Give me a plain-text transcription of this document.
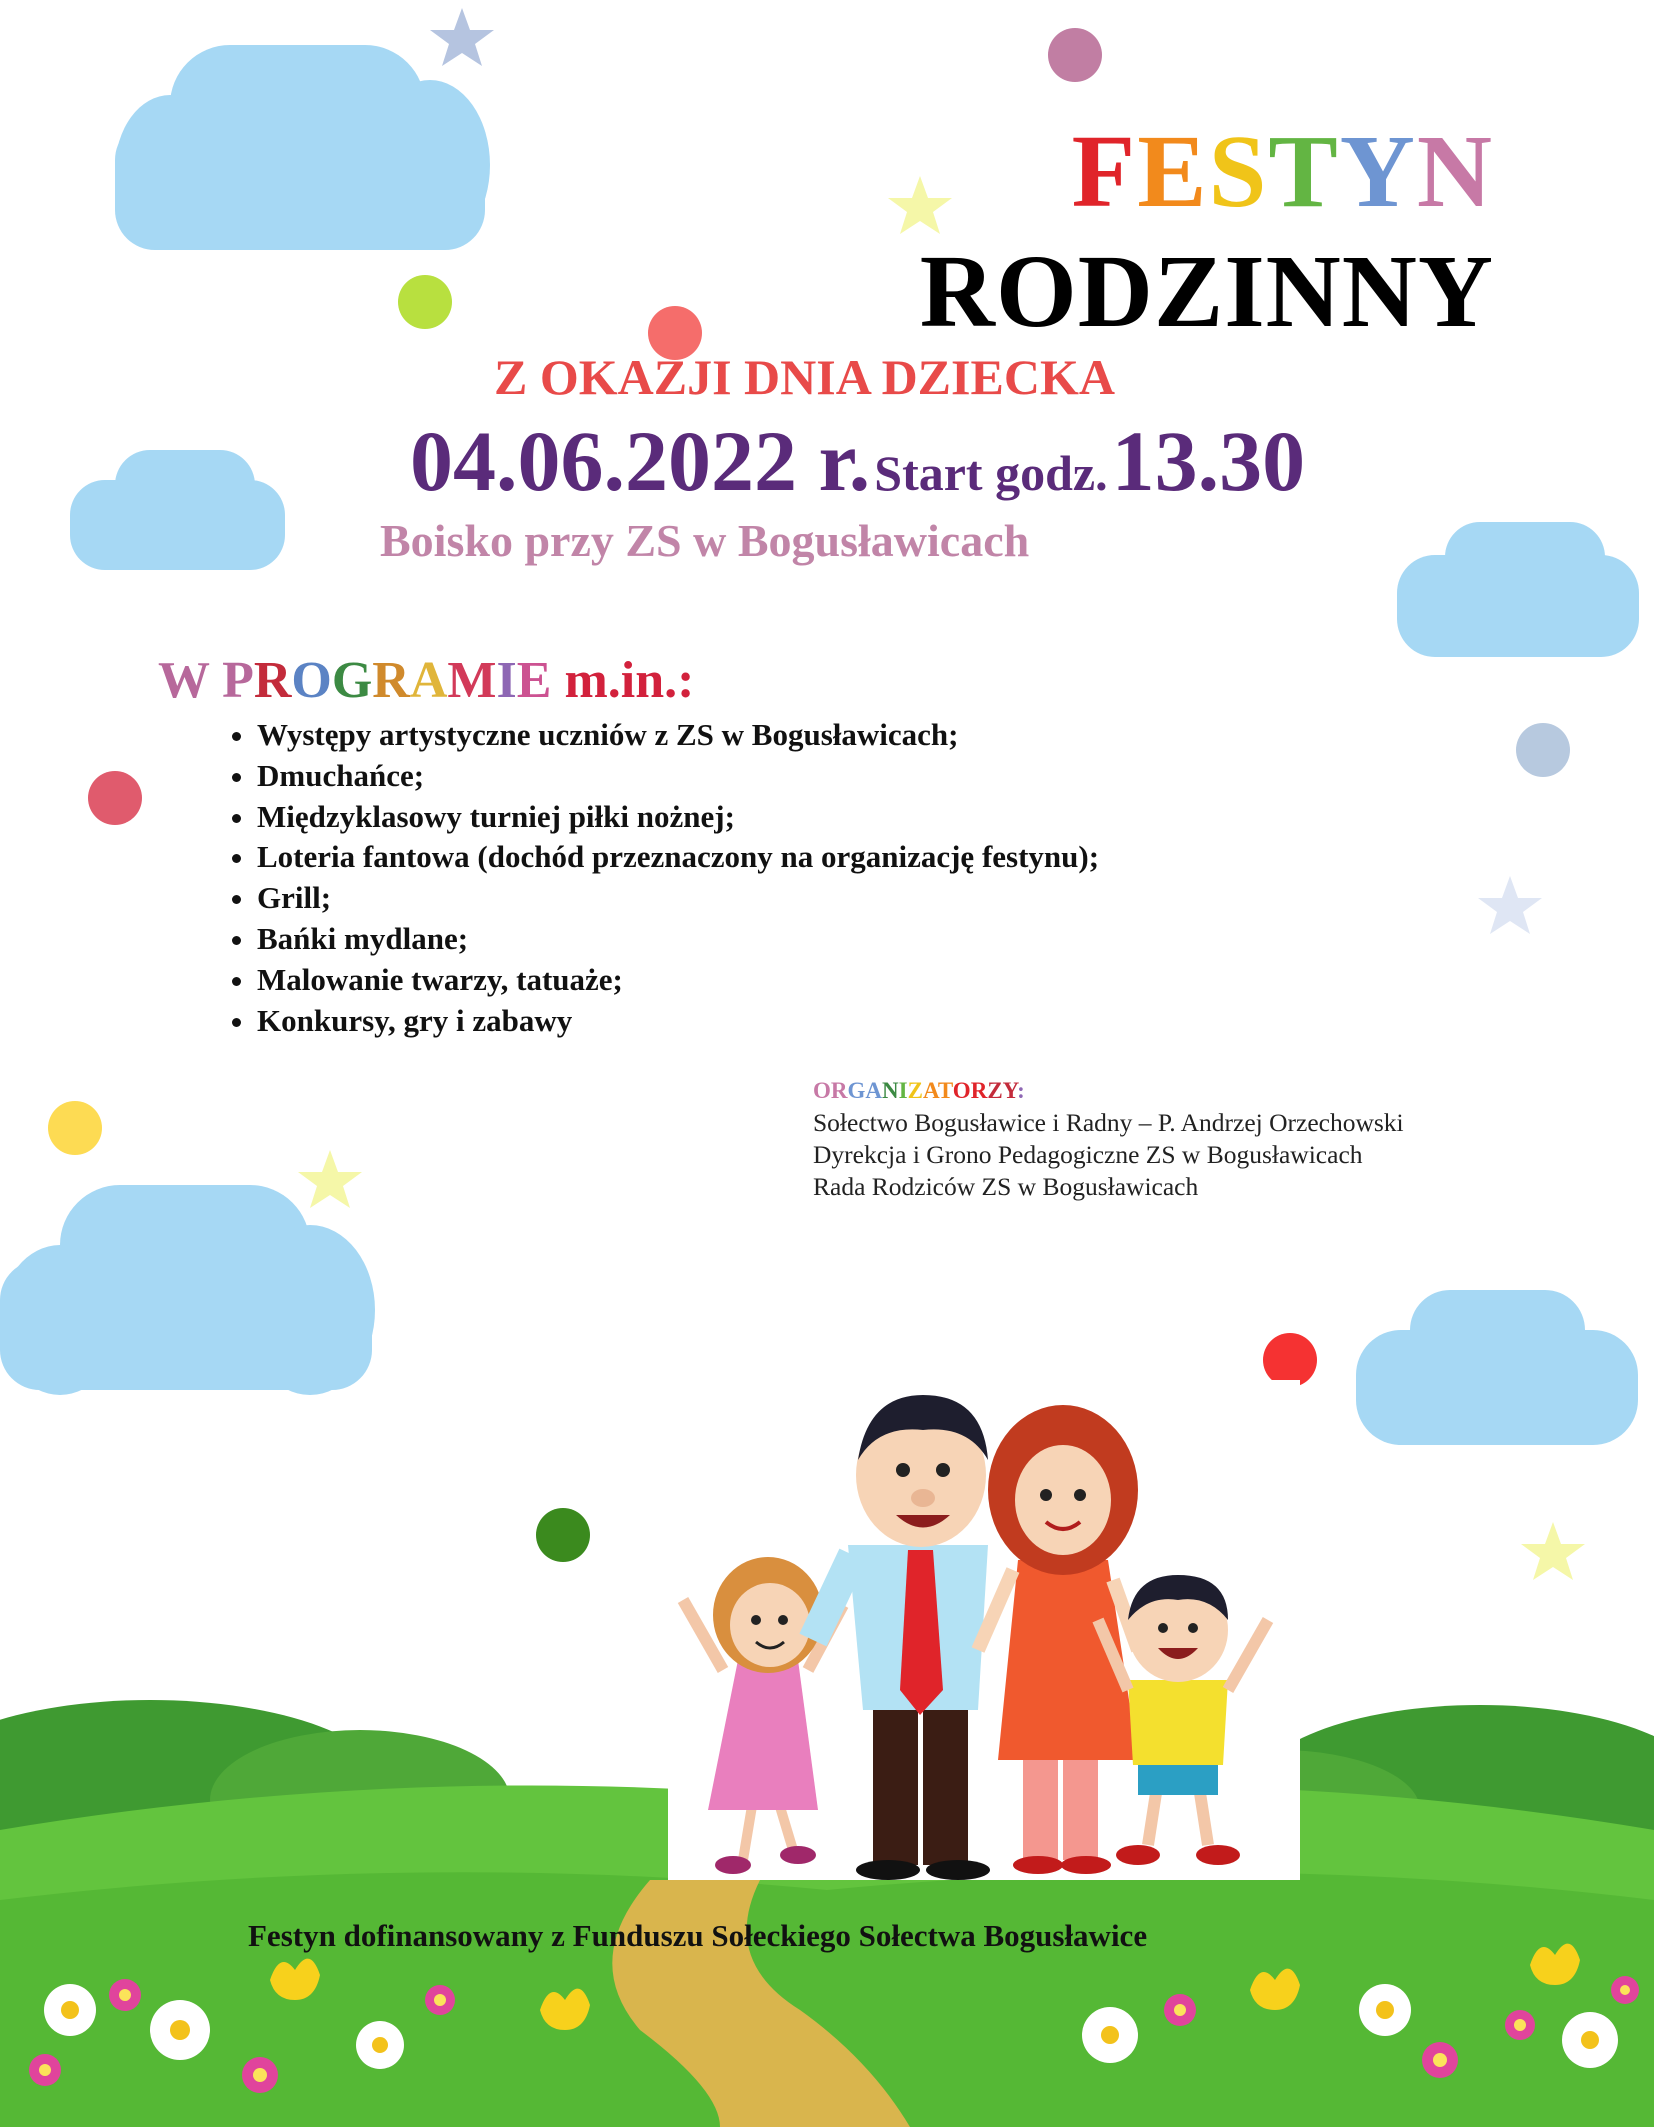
FESTYN
RODZINNY
Z OKAZJI DNIA DZIECKA
04.06.2022 r. Start godz. 13.30
Boisko przy ZS w Bogusławicach
W PROGRAMIE m.in.:
• Występy artystyczne uczniów z ZS w Bogusławicach;
• Dmuchańce;
• Międzyklasowy turniej piłki nożnej;
• Loteria fantowa (dochód przeznaczony na organizację festynu);
• Grill;
• Bańki mydlane;
• Malowanie twarzy, tatuaże;
• Konkursy, gry i zabawy
ORGANIZATORZY:
Sołectwo Bogusławice i Radny – P. Andrzej Orzechowski
Dyrekcja i Grono Pedagogiczne ZS w Bogusławicach
Rada Rodziców ZS w Bogusławicach
Festyn dofinansowany z Funduszu Sołeckiego Sołectwa Bogusławice
